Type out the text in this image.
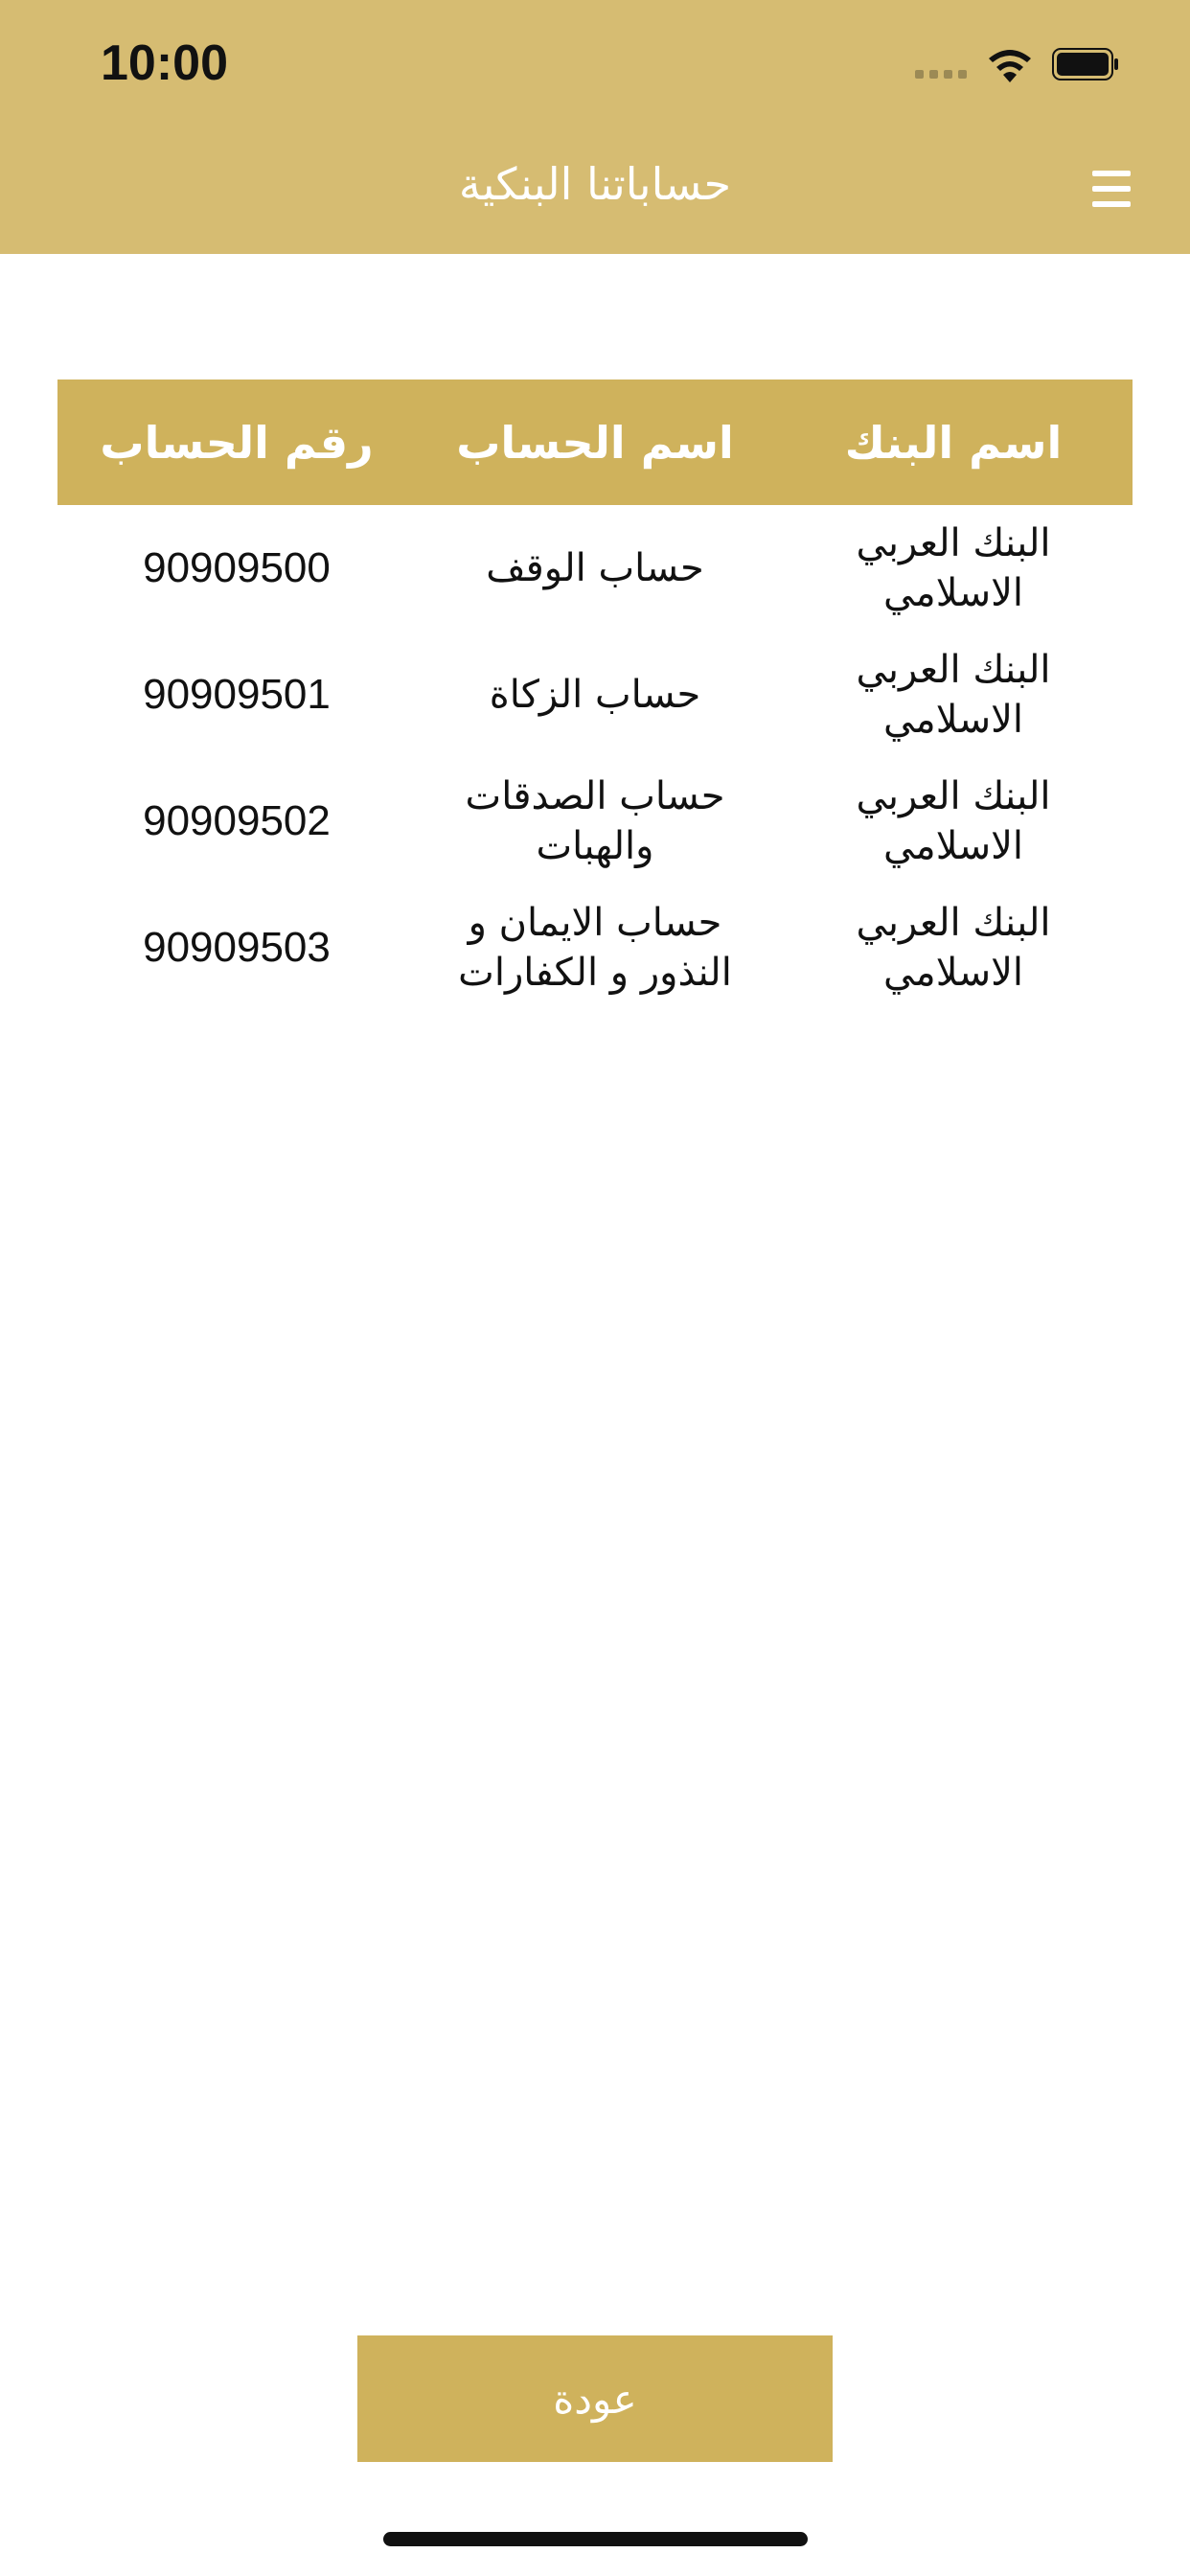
10:00
حساباتنا البنكية
اسم البنك
اسم الحساب
رقم الحساب
البنك العربي
الاسلامي
حساب الوقف
90909500
البنك العربي
الاسلامي
حساب الزكاة
90909501
البنك العربي
الاسلامي
حساب الصدقات
والهبات
90909502
البنك العربي
الاسلامي
حساب الايمان و
النذور و الكفارات
90909503
عودة
